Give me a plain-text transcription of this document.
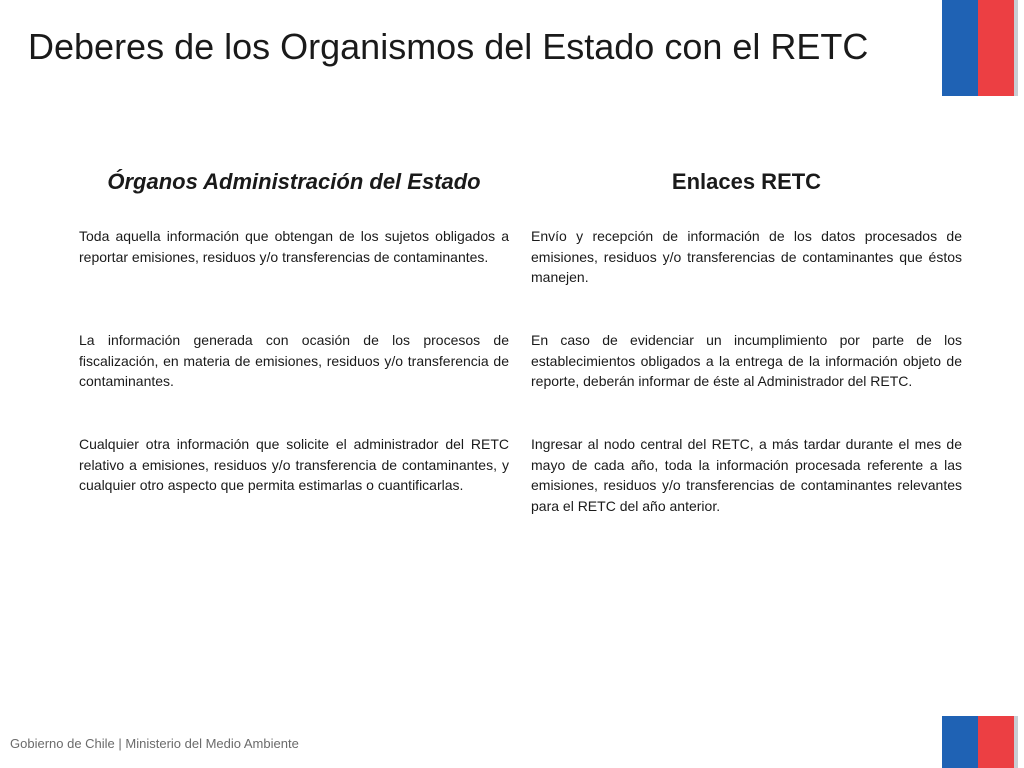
Deberes de los Organismos del Estado con el RETC
Órganos Administración del Estado

Toda aquella información que obtengan de los sujetos obligados a reportar emisiones, residuos y/o transferencias de contaminantes.

La información generada con ocasión de los procesos de fiscalización, en materia de emisiones, residuos y/o transferencia de contaminantes.

Cualquier otra información que solicite el administrador del RETC relativo a emisiones, residuos y/o transferencia de contaminantes, y cualquier otro aspecto que permita estimarlas o cuantificarlas.

Enlaces RETC

Envío y recepción de información de los datos procesados de emisiones, residuos y/o transferencias de contaminantes que éstos manejen.

En caso de evidenciar un incumplimiento por parte de los establecimientos obligados a la entrega de la información objeto de reporte, deberán informar de éste al Administrador del RETC.

Ingresar al nodo central del RETC, a más tardar durante el mes de mayo de cada año, toda la información procesada referente a las emisiones, residuos y/o transferencias de contaminantes relevantes para el RETC del año anterior.

Gobierno de Chile | Ministerio del Medio Ambiente
